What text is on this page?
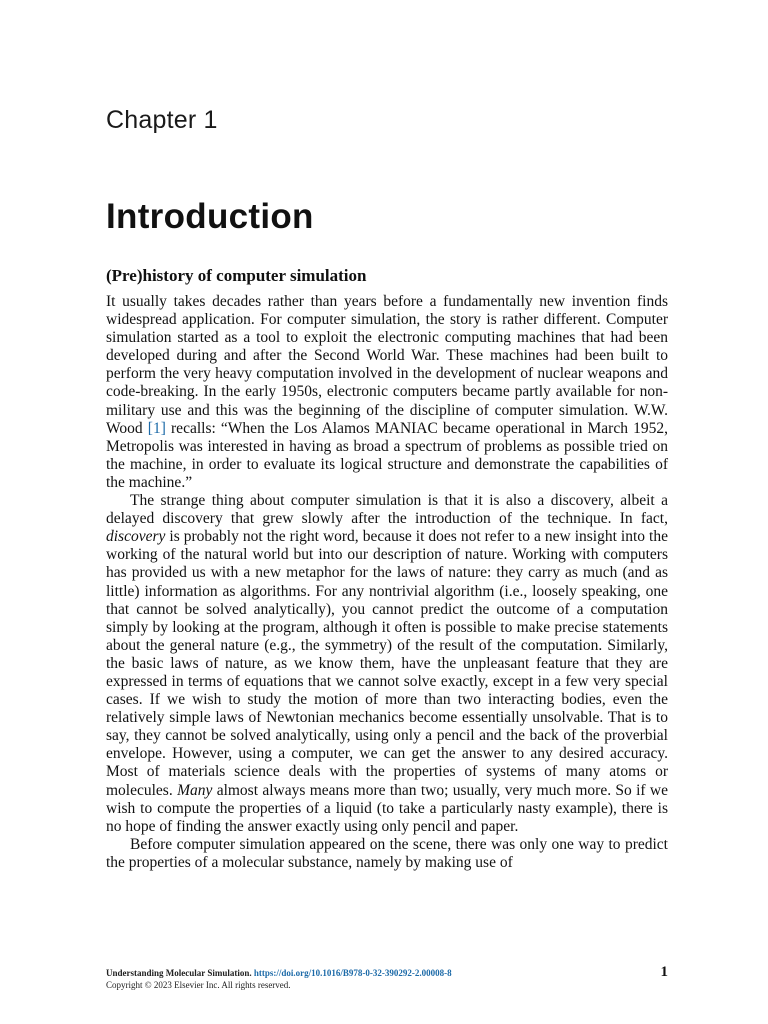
Chapter 1
Introduction
(Pre)history of computer simulation

It usually takes decades rather than years before a fundamentally new invention finds widespread application. For computer simulation, the story is rather different. Computer simulation started as a tool to exploit the electronic computing machines that had been developed during and after the Second World War. These machines had been built to perform the very heavy computation involved in the development of nuclear weapons and code-breaking. In the early 1950s, electronic computers became partly available for non-military use and this was the beginning of the discipline of computer simulation. W.W. Wood [1] recalls: “When the Los Alamos MANIAC became operational in March 1952, Metropolis was interested in having as broad a spectrum of problems as possible tried on the machine, in order to evaluate its logical structure and demonstrate the capabilities of the machine.”

The strange thing about computer simulation is that it is also a discovery, albeit a delayed discovery that grew slowly after the introduction of the technique. In fact, discovery is probably not the right word, because it does not refer to a new insight into the working of the natural world but into our description of nature. Working with computers has provided us with a new metaphor for the laws of nature: they carry as much (and as little) information as algorithms. For any nontrivial algorithm (i.e., loosely speaking, one that cannot be solved analytically), you cannot predict the outcome of a computation simply by looking at the program, although it often is possible to make precise statements about the general nature (e.g., the symmetry) of the result of the computation. Similarly, the basic laws of nature, as we know them, have the unpleasant feature that they are expressed in terms of equations that we cannot solve exactly, except in a few very special cases. If we wish to study the motion of more than two interacting bodies, even the relatively simple laws of Newtonian mechanics become essentially unsolvable. That is to say, they cannot be solved analytically, using only a pencil and the back of the proverbial envelope. However, using a computer, we can get the answer to any desired accuracy. Most of materials science deals with the properties of systems of many atoms or molecules. Many almost always means more than two; usually, very much more. So if we wish to compute the properties of a liquid (to take a particularly nasty example), there is no hope of finding the answer exactly using only pencil and paper.

Before computer simulation appeared on the scene, there was only one way to predict the properties of a molecular substance, namely by making use of

Understanding Molecular Simulation. https://doi.org/10.1016/B978-0-32-390292-2.00008-8
Copyright © 2023 Elsevier Inc. All rights reserved.
1
